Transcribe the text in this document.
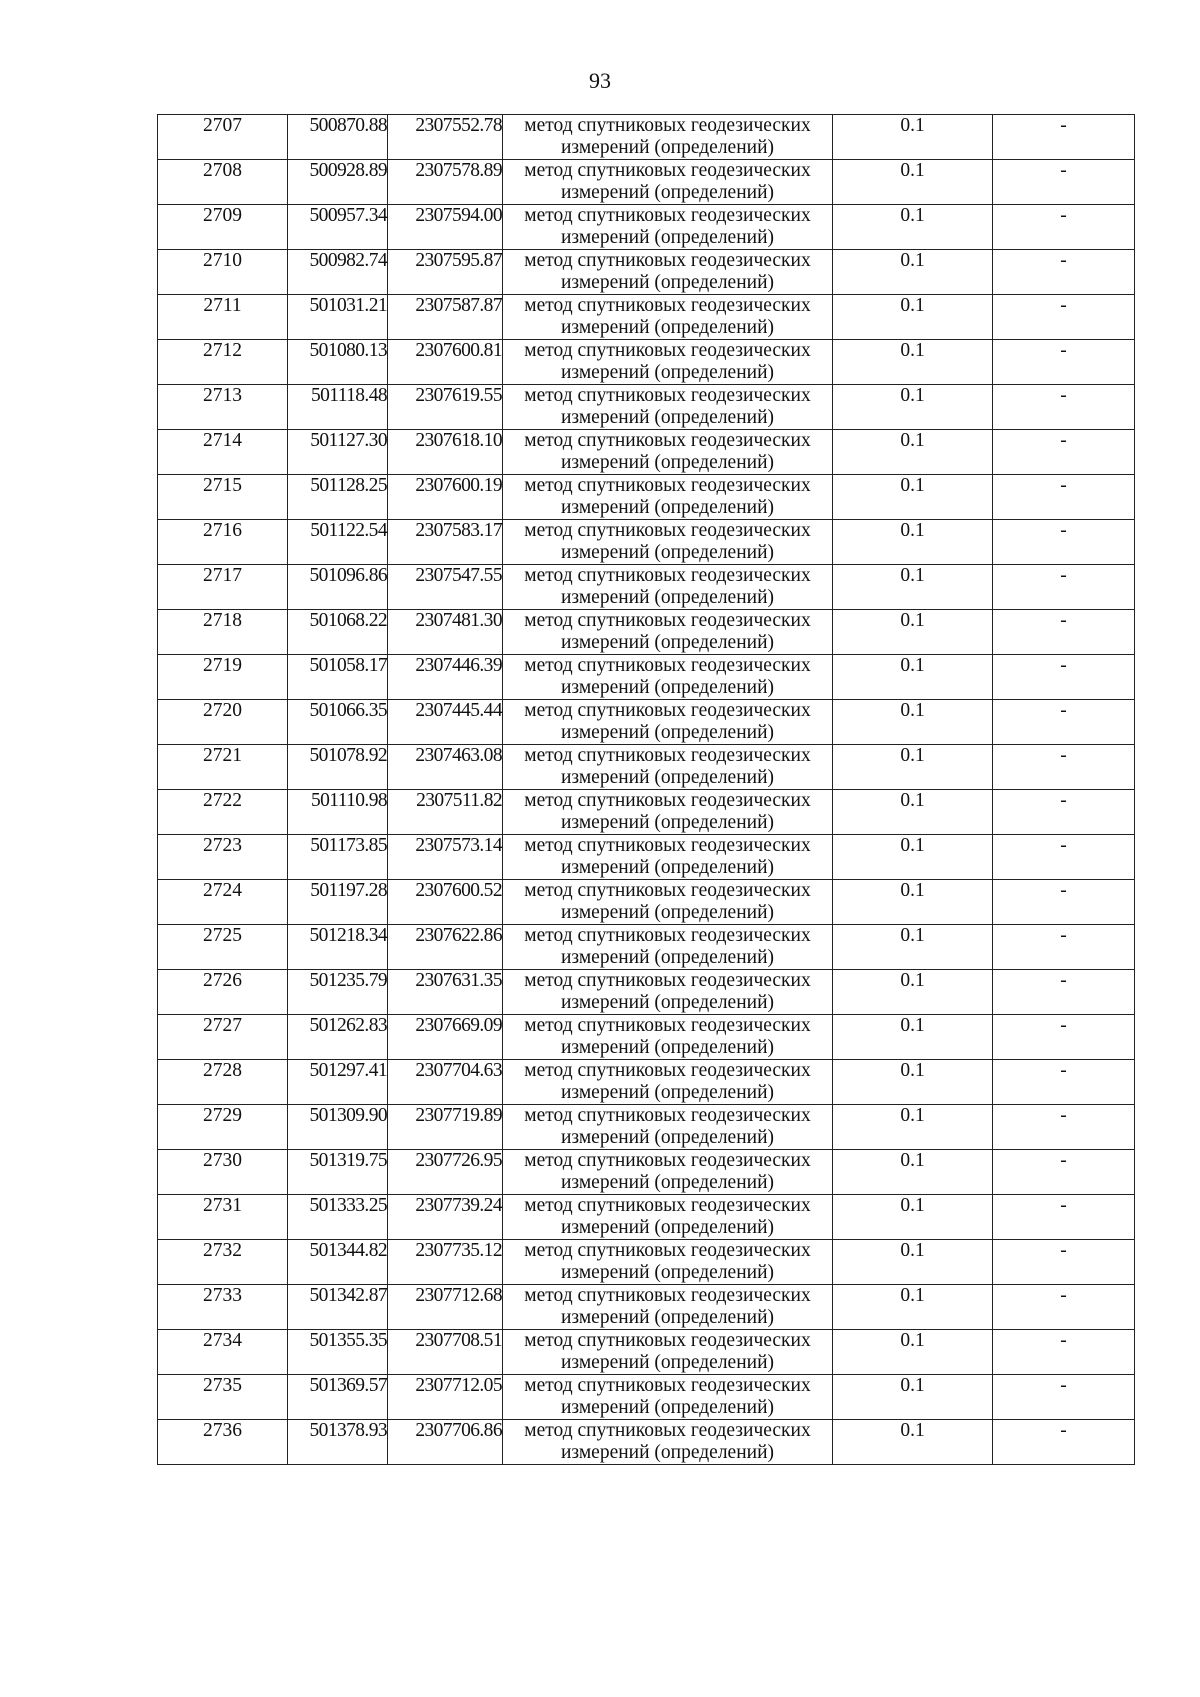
93
2707	500870.88	2307552.78	метод спутниковых геодезических
измерений (определений)	0.1	-
2708	500928.89	2307578.89	метод спутниковых геодезических
измерений (определений)	0.1	-
2709	500957.34	2307594.00	метод спутниковых геодезических
измерений (определений)	0.1	-
2710	500982.74	2307595.87	метод спутниковых геодезических
измерений (определений)	0.1	-
2711	501031.21	2307587.87	метод спутниковых геодезических
измерений (определений)	0.1	-
2712	501080.13	2307600.81	метод спутниковых геодезических
измерений (определений)	0.1	-
2713	501118.48	2307619.55	метод спутниковых геодезических
измерений (определений)	0.1	-
2714	501127.30	2307618.10	метод спутниковых геодезических
измерений (определений)	0.1	-
2715	501128.25	2307600.19	метод спутниковых геодезических
измерений (определений)	0.1	-
2716	501122.54	2307583.17	метод спутниковых геодезических
измерений (определений)	0.1	-
2717	501096.86	2307547.55	метод спутниковых геодезических
измерений (определений)	0.1	-
2718	501068.22	2307481.30	метод спутниковых геодезических
измерений (определений)	0.1	-
2719	501058.17	2307446.39	метод спутниковых геодезических
измерений (определений)	0.1	-
2720	501066.35	2307445.44	метод спутниковых геодезических
измерений (определений)	0.1	-
2721	501078.92	2307463.08	метод спутниковых геодезических
измерений (определений)	0.1	-
2722	501110.98	2307511.82	метод спутниковых геодезических
измерений (определений)	0.1	-
2723	501173.85	2307573.14	метод спутниковых геодезических
измерений (определений)	0.1	-
2724	501197.28	2307600.52	метод спутниковых геодезических
измерений (определений)	0.1	-
2725	501218.34	2307622.86	метод спутниковых геодезических
измерений (определений)	0.1	-
2726	501235.79	2307631.35	метод спутниковых геодезических
измерений (определений)	0.1	-
2727	501262.83	2307669.09	метод спутниковых геодезических
измерений (определений)	0.1	-
2728	501297.41	2307704.63	метод спутниковых геодезических
измерений (определений)	0.1	-
2729	501309.90	2307719.89	метод спутниковых геодезических
измерений (определений)	0.1	-
2730	501319.75	2307726.95	метод спутниковых геодезических
измерений (определений)	0.1	-
2731	501333.25	2307739.24	метод спутниковых геодезических
измерений (определений)	0.1	-
2732	501344.82	2307735.12	метод спутниковых геодезических
измерений (определений)	0.1	-
2733	501342.87	2307712.68	метод спутниковых геодезических
измерений (определений)	0.1	-
2734	501355.35	2307708.51	метод спутниковых геодезических
измерений (определений)	0.1	-
2735	501369.57	2307712.05	метод спутниковых геодезических
измерений (определений)	0.1	-
2736	501378.93	2307706.86	метод спутниковых геодезических
измерений (определений)	0.1	-
